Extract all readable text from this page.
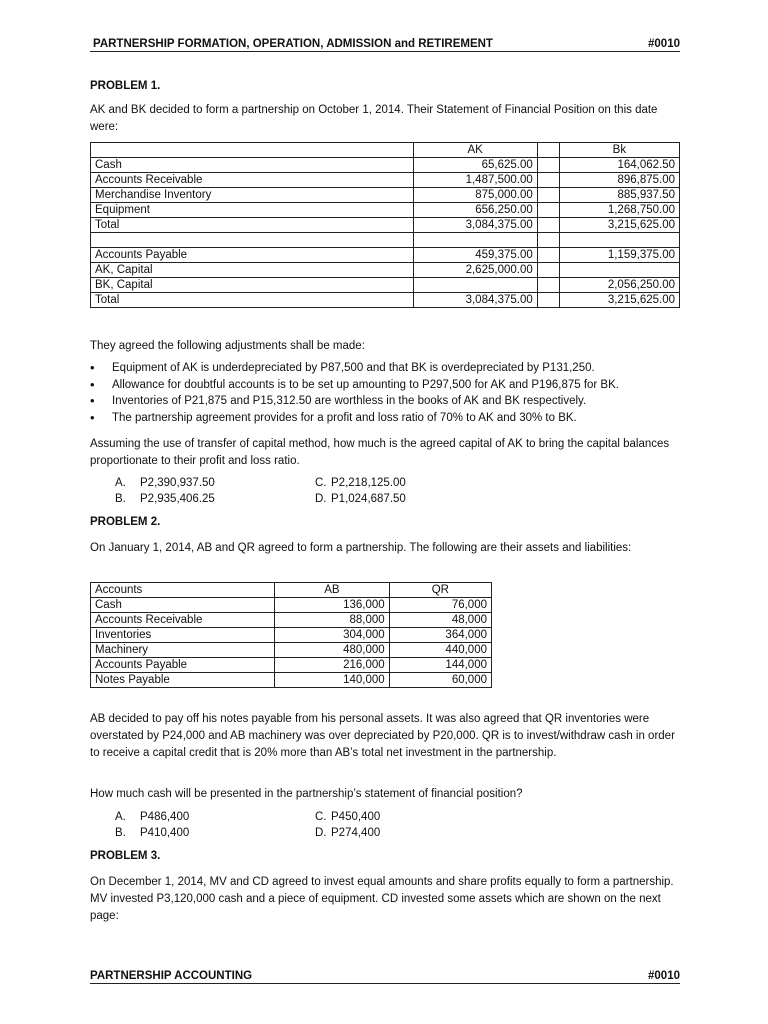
PARTNERSHIP FORMATION, OPERATION, ADMISSION and RETIREMENT	#0010
PROBLEM 1.
AK and BK decided to form a partnership on October 1, 2014. Their Statement of Financial Position on this date were:
	AK		Bk
Cash	65,625.00		164,062.50
Accounts Receivable	1,487,500.00		896,875.00
Merchandise Inventory	875,000.00		885,937.50
Equipment	656,250.00		1,268,750.00
Total	3,084,375.00		3,215,625.00

Accounts Payable	459,375.00		1,159,375.00
AK, Capital	2,625,000.00		
BK, Capital			2,056,250.00
Total	3,084,375.00		3,215,625.00
They agreed the following adjustments shall be made:
• Equipment of AK is underdepreciated by P87,500 and that BK is overdepreciated by P131,250.
• Allowance for doubtful accounts is to be set up amounting to P297,500 for AK and P196,875 for BK.
• Inventories of P21,875 and P15,312.50 are worthless in the books of AK and BK respectively.
• The partnership agreement provides for a profit and loss ratio of 70% to AK and 30% to BK.
Assuming the use of transfer of capital method, how much is the agreed capital of AK to bring the capital balances proportionate to their profit and loss ratio.
A.	P2,390,937.50	C. P2,218,125.00
B.	P2,935,406.25	D. P1,024,687.50
PROBLEM 2.
On January 1, 2014, AB and QR agreed to form a partnership. The following are their assets and liabilities:
Accounts	AB	QR
Cash	136,000	76,000
Accounts Receivable	88,000	48,000
Inventories	304,000	364,000
Machinery	480,000	440,000
Accounts Payable	216,000	144,000
Notes Payable	140,000	60,000
AB decided to pay off his notes payable from his personal assets. It was also agreed that QR inventories were overstated by P24,000 and AB machinery was over depreciated by P20,000. QR is to invest/withdraw cash in order to receive a capital credit that is 20% more than AB’s total net investment in the partnership.
How much cash will be presented in the partnership’s statement of financial position?
A.	P486,400	C. P450,400
B.	P410,400	D. P274,400
PROBLEM 3.
On December 1, 2014, MV and CD agreed to invest equal amounts and share profits equally to form a partnership. MV invested P3,120,000 cash and a piece of equipment. CD invested some assets which are shown on the next page:
PARTNERSHIP ACCOUNTING	#0010
